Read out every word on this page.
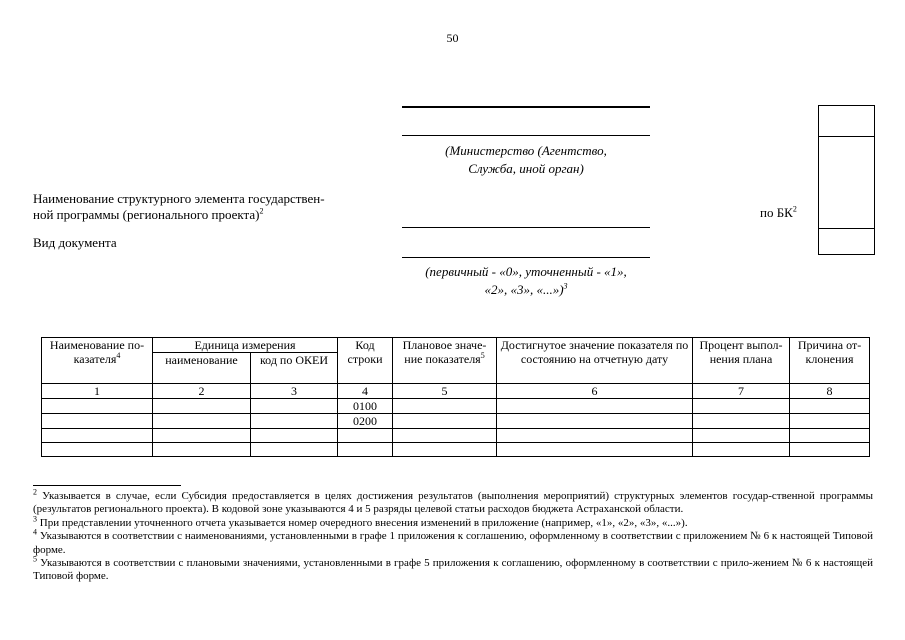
50
(Министерство (Агентство,
Служба, иной орган)
Наименование структурного элемента государствен-
ной программы (регионального проекта)$^2$
Вид документа
(первичный - «0», уточненный - «1»,
«2», «3», «...»)$^3$
по $БК^2$
Наименование по-казателя$^4$	Единица измерения		Код строки	Плановое значе-ние показателя$^5$	Достигнутое значение показателя по состоянию на отчетную дату	Процент выпол-нения плана	Причина от-клонения
	наименование	код по ОКЕИ					
1	2	3	4	5	6	7	8
			0100				
			0200				

$^2$ Указывается в случае, если Субсидия предоставляется в целях достижения результатов (выполнения мероприятий) структурных элементов государ-ственной программы (результатов регионального проекта). В кодовой зоне указываются 4 и 5 разряды целевой статьи расходов бюджета Астраханской области.

$^3$ При представлении уточненного отчета указывается номер очередного внесения изменений в приложение (например, «1», «2», «3», «...»).

$^4$ Указываются в соответствии с наименованиями, установленными в графе 1 приложения к соглашению, оформленному в соответствии с приложением № 6 к настоящей Типовой форме.

$^5$ Указываются в соответствии с плановыми значениями, установленными в графе 5 приложения к соглашению, оформленному в соответствии с прило-жением № 6 к настоящей Типовой форме.
